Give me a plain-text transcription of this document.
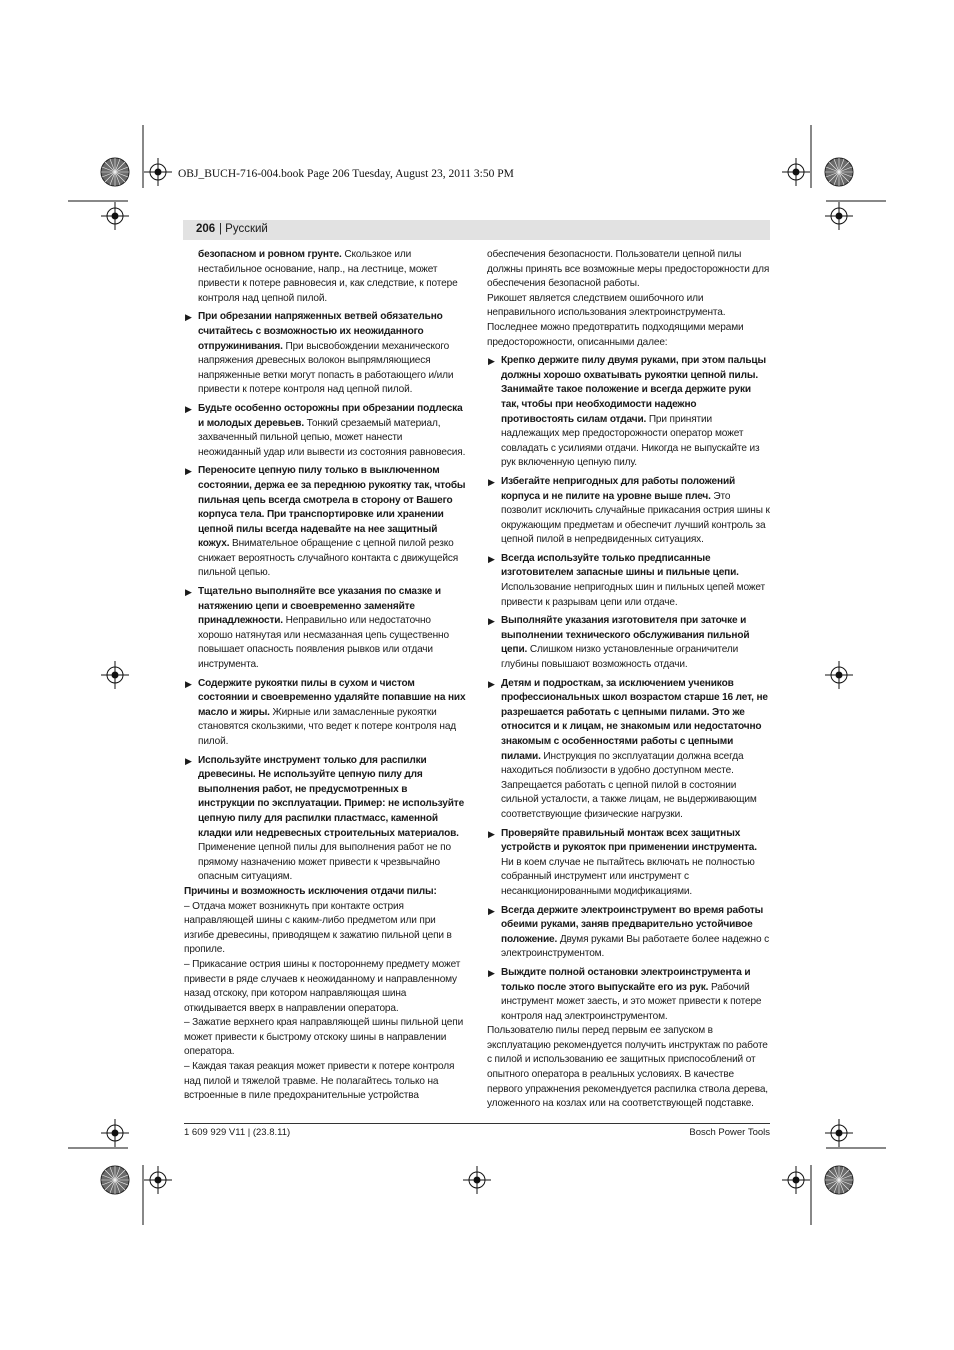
OBJ_BUCH-716-004.book Page 206 Tuesday, August 23, 2011 3:50 PM
206 | Русский

безопасном и ровном грунте. Скользкое или нестабильное основание, напр., на лестнице, может привести к потере равновесия и, как следствие, к потере контроля над цепной пилой.

▶ При обрезании напряженных ветвей обязательно считайтесь с возможностью их неожиданного отпружинивания. При высвобождении механического напряжения древесных волокон выпрямляющиеся напряженные ветки могут попасть в работающего и/или привести к потере контроля над цепной пилой.
▶ Будьте особенно осторожны при обрезании подлеска и молодых деревьев. Тонкий срезаемый материал, захваченный пильной цепью, может нанести неожиданный удар или вывести из состояния равновесия.
▶ Переносите цепную пилу только в выключенном состоянии, держа ее за переднюю рукоятку так, чтобы пильная цепь всегда смотрела в сторону от Вашего корпуса тела. При транспортировке или хранении цепной пилы всегда надевайте на нее защитный кожух. Внимательное обращение с цепной пилой резко снижает вероятность случайного контакта с движущейся пильной цепью.
▶ Тщательно выполняйте все указания по смазке и натяжению цепи и своевременно заменяйте принадлежности. Неправильно или недостаточно хорошо натянутая или несмазанная цепь существенно повышает опасность появления рывков или отдачи инструмента.
▶ Содержите рукоятки пилы в сухом и чистом состоянии и своевременно удаляйте попавшие на них масло и жиры. Жирные или замасленные рукоятки становятся скользкими, что ведет к потере контроля над пилой.
▶ Используйте инструмент только для распилки древесины. Не используйте цепную пилу для выполнения работ, не предусмотренных в инструкции по эксплуатации. Пример: не используйте цепную пилу для распилки пластмасс, каменной кладки или недревесных строительных материалов. Применение цепной пилы для выполнения работ не по прямому назначению может привести к чрезвычайно опасным ситуациям.

Причины и возможность исключения отдачи пилы:

– Отдача может возникнуть при контакте острия направляющей шины с каким-либо предметом или при изгибе древесины, приводящем к зажатию пильной цепи в пропиле.

– Прикасание острия шины к постороннему предмету может привести в ряде случаев к неожиданному и направленному назад отскоку, при котором направляющая шина откидывается вверх в направлении оператора.

– Зажатие верхнего края направляющей шины пильной цепи может привести к быстрому отскоку шины в направлении оператора.

– Каждая такая реакция может привести к потере контроля над пилой и тяжелой травме. Не полагайтесь только на встроенные в пиле предохранительные устройства

обеспечения безопасности. Пользователи цепной пилы должны принять все возможные меры предосторожности для обеспечения безопасной работы.

Рикошет является следствием ошибочного или неправильного использования электроинструмента. Последнее можно предотвратить подходящими мерами предосторожности, описанными далее:

▶ Крепко держите пилу двумя руками, при этом пальцы должны хорошо охватывать рукоятки цепной пилы. Занимайте такое положение и всегда держите руки так, чтобы при необходимости надежно противостоять силам отдачи. При принятии надлежащих мер предосторожности оператор может совладать с усилиями отдачи. Никогда не выпускайте из рук включенную цепную пилу.
▶ Избегайте непригодных для работы положений корпуса и не пилите на уровне выше плеч. Это позволит исключить случайные прикасания острия шины к окружающим предметам и обеспечит лучший контроль за цепной пилой в непредвиденных ситуациях.
▶ Всегда используйте только предписанные изготовителем запасные шины и пильные цепи. Использование непригодных шин и пильных цепей может привести к разрывам цепи или отдаче.
▶ Выполняйте указания изготовителя при заточке и выполнении технического обслуживания пильной цепи. Слишком низко установленные ограничители глубины повышают возможность отдачи.
▶ Детям и подросткам, за исключением учеников профессиональных школ возрастом старше 16 лет, не разрешается работать с цепными пилами. Это же относится и к лицам, не знакомым или недостаточно знакомым с особенностями работы с цепными пилами. Инструкция по эксплуатации должна всегда находиться поблизости в удобно доступном месте. Запрещается работать с цепной пилой в состоянии сильной усталости, а также лицам, не выдерживающим соответствующие физические нагрузки.
▶ Проверяйте правильный монтаж всех защитных устройств и рукояток при применении инструмента. Ни в коем случае не пытайтесь включать не полностью собранный инструмент или инструмент с несанкционированными модификациями.
▶ Всегда держите электроинструмент во время работы обеими руками, заняв предварительно устойчивое положение. Двумя руками Вы работаете более надежно с электроинструментом.
▶ Выждите полной остановки электроинструмента и только после этого выпускайте его из рук. Рабочий инструмент может заесть, и это может привести к потере контроля над электроинструментом.

Пользователю пилы перед первым ее запуском в эксплуатацию рекомендуется получить инструктаж по работе с пилой и использованию ее защитных приспособлений от опытного оператора в реальных условиях. В качестве первого упражнения рекомендуется распилка ствола дерева, уложенного на козлах или на соответствующей подставке.

1 609 929 V11 | (23.8.11)	Bosch Power Tools
